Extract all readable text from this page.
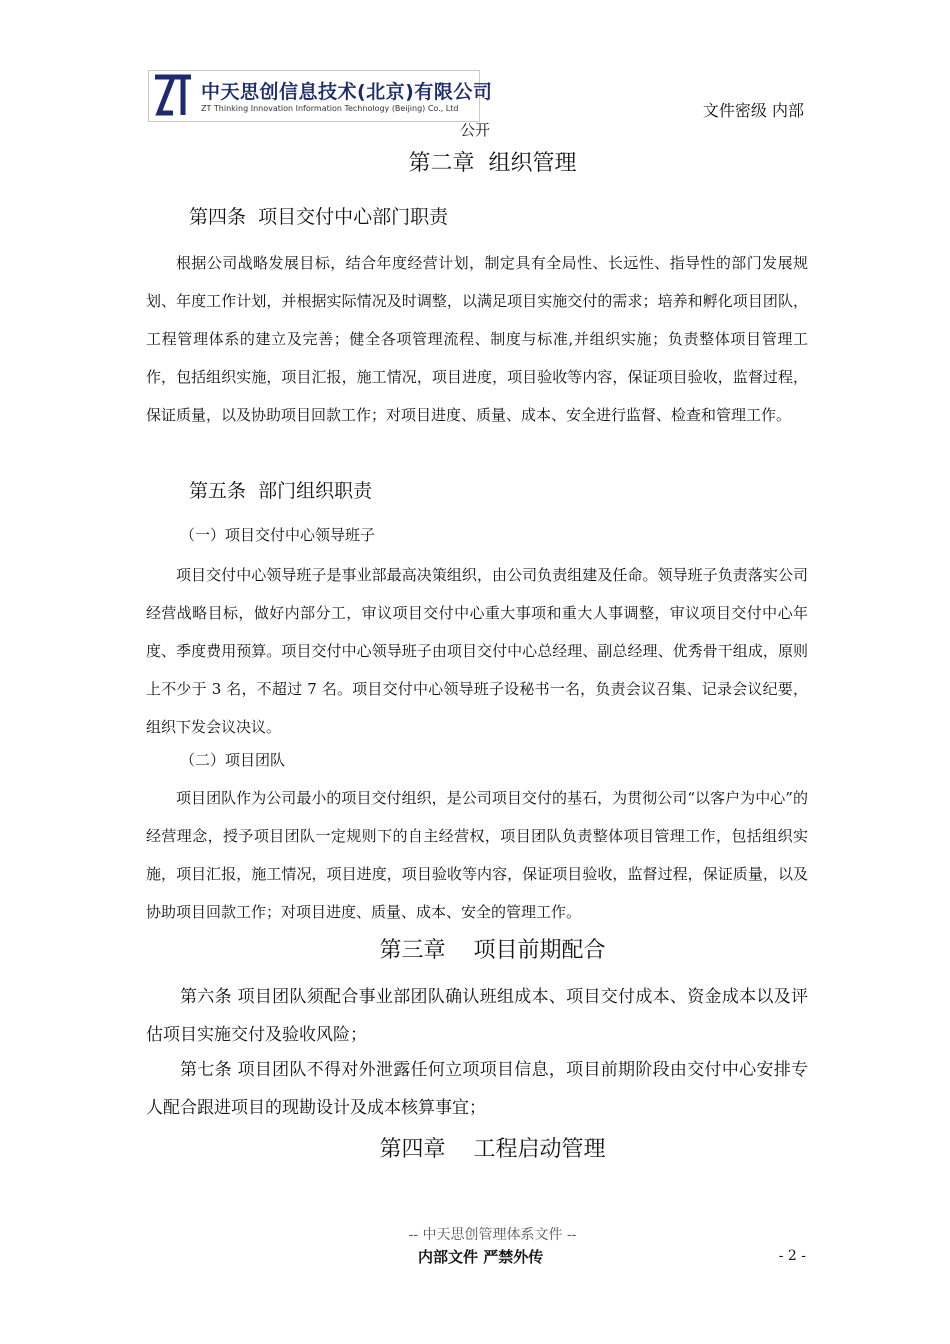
中天思创信息技术(北京)有限公司
ZT Thinking Innovation Information Technology (Beijing) Co., Ltd	文件密级 内部
公开
第二章  组织管理
第四条  项目交付中心部门职责
根据公司战略发展目标，结合年度经营计划，制定具有全局性、长远性、指导性的部门发展规划、年度工作计划，并根据实际情况及时调整，以满足项目实施交付的需求；培养和孵化项目团队，工程管理体系的建立及完善；健全各项管理流程、制度与标准,并组织实施；负责整体项目管理工作，包括组织实施，项目汇报，施工情况，项目进度，项目验收等内容，保证项目验收，监督过程，保证质量，以及协助项目回款工作；对项目进度、质量、成本、安全进行监督、检查和管理工作。
第五条  部门组织职责
（一）项目交付中心领导班子
项目交付中心领导班子是事业部最高决策组织，由公司负责组建及任命。领导班子负责落实公司经营战略目标，做好内部分工，审议项目交付中心重大事项和重大人事调整，审议项目交付中心年度、季度费用预算。项目交付中心领导班子由项目交付中心总经理、副总经理、优秀骨干组成，原则上不少于 3 名，不超过 7 名。项目交付中心领导班子设秘书一名，负责会议召集、记录会议纪要，组织下发会议决议。
（二）项目团队
项目团队作为公司最小的项目交付组织，是公司项目交付的基石，为贯彻公司“以客户为中心”的经营理念，授予项目团队一定规则下的自主经营权，项目团队负责整体项目管理工作，包括组织实施，项目汇报，施工情况，项目进度，项目验收等内容，保证项目验收，监督过程，保证质量，以及协助项目回款工作；对项目进度、质量、成本、安全的管理工作。
第三章    项目前期配合
第六条 项目团队须配合事业部团队确认班组成本、项目交付成本、资金成本以及评估项目实施交付及验收风险；
第七条 项目团队不得对外泄露任何立项项目信息，项目前期阶段由交付中心安排专人配合跟进项目的现勘设计及成本核算事宜；
第四章    工程启动管理
-- 中天思创管理体系文件 --
内部文件 严禁外传	- 2 -
